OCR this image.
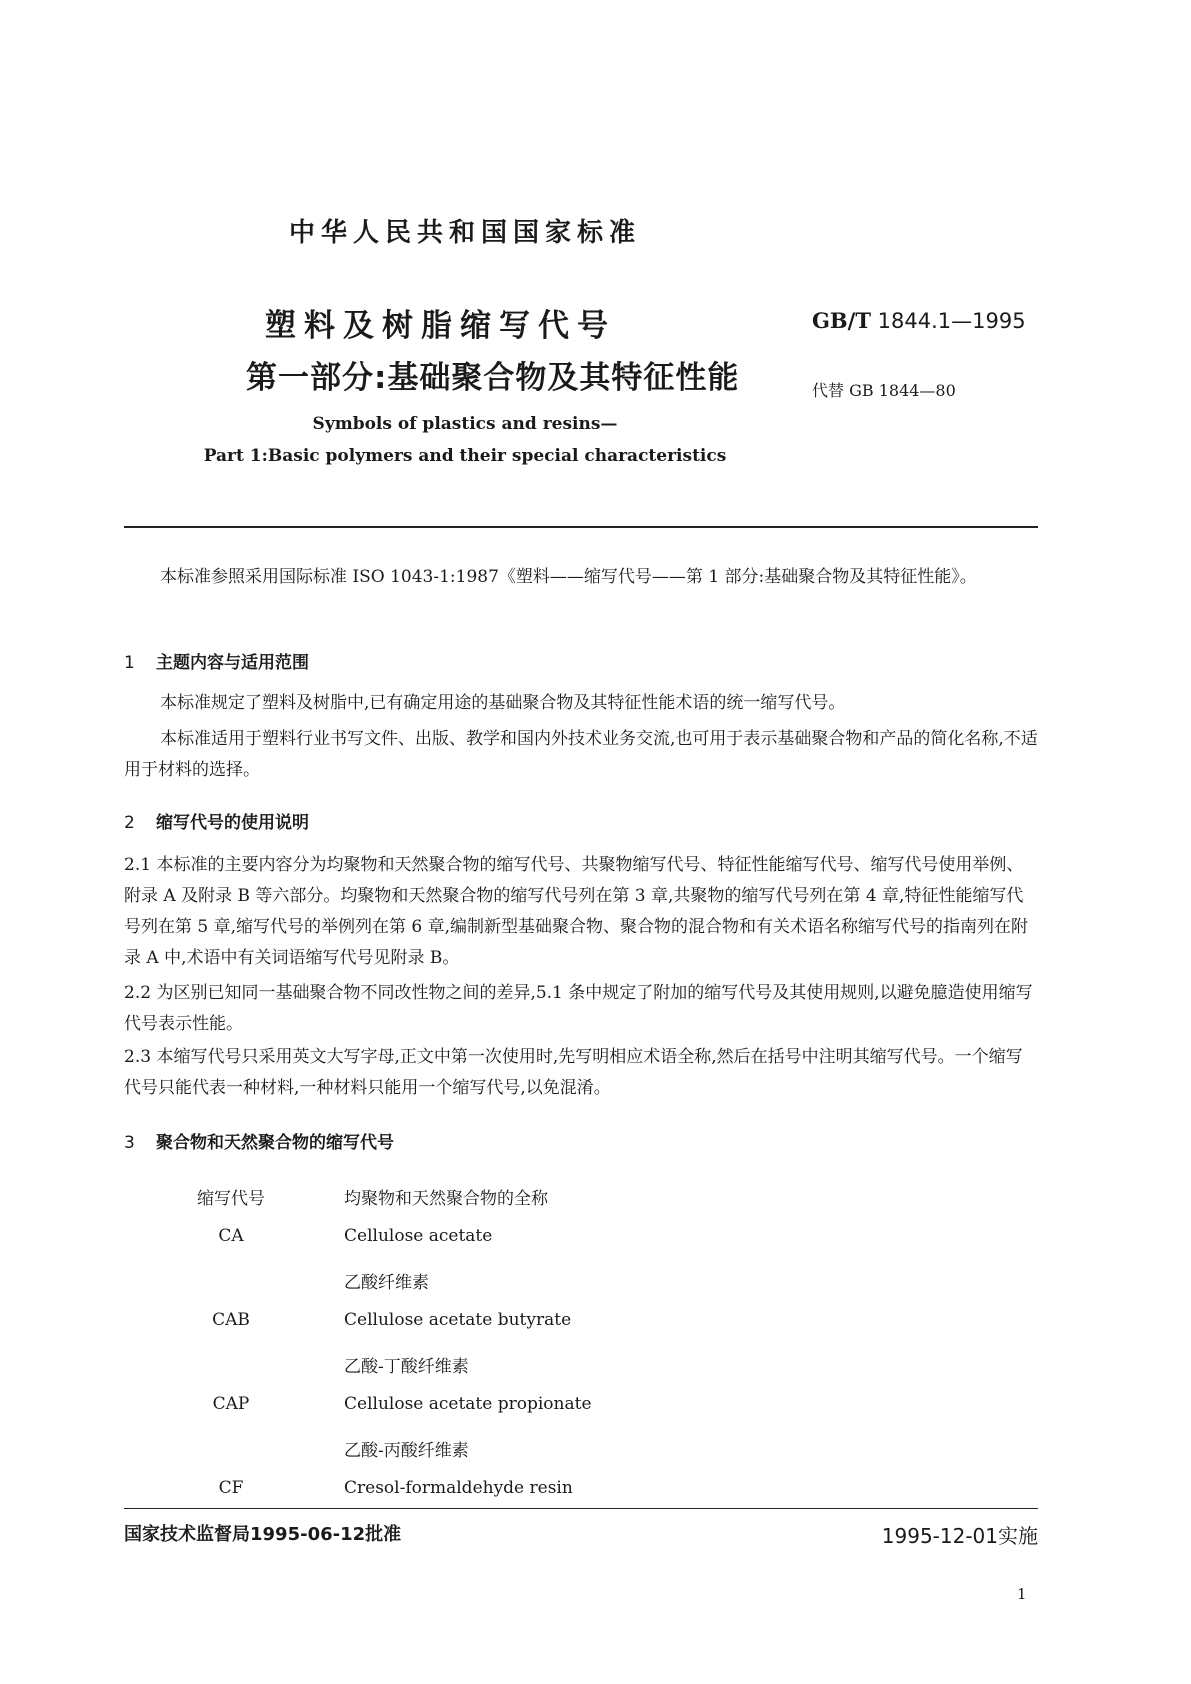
中华人民共和国国家标准
塑料及树脂缩写代号
第一部分:基础聚合物及其特征性能
GB/T 1844.1—1995
代替 GB 1844—80
Symbols of plastics and resins—
Part 1:Basic polymers and their special characteristics
本标准参照采用国际标准 ISO 1043-1:1987《塑料——缩写代号——第 1 部分:基础聚合物及其特征性能》。
1 主题内容与适用范围
本标准规定了塑料及树脂中,已有确定用途的基础聚合物及其特征性能术语的统一缩写代号。
本标准适用于塑料行业书写文件、出版、教学和国内外技术业务交流,也可用于表示基础聚合物和产品的简化名称,不适用于材料的选择。
2 缩写代号的使用说明
2.1 本标准的主要内容分为均聚物和天然聚合物的缩写代号、共聚物缩写代号、特征性能缩写代号、缩写代号使用举例、附录 A 及附录 B 等六部分。均聚物和天然聚合物的缩写代号列在第 3 章,共聚物的缩写代号列在第 4 章,特征性能缩写代号列在第 5 章,缩写代号的举例列在第 6 章,编制新型基础聚合物、聚合物的混合物和有关术语名称缩写代号的指南列在附录 A 中,术语中有关词语缩写代号见附录 B。
2.2 为区别已知同一基础聚合物不同改性物之间的差异,5.1 条中规定了附加的缩写代号及其使用规则,以避免臆造使用缩写代号表示性能。
2.3 本缩写代号只采用英文大写字母,正文中第一次使用时,先写明相应术语全称,然后在括号中注明其缩写代号。一个缩写代号只能代表一种材料,一种材料只能用一个缩写代号,以免混淆。
3 聚合物和天然聚合物的缩写代号
缩写代号	均聚物和天然聚合物的全称
CA	Cellulose acetate
乙酸纤维素
CAB	Cellulose acetate butyrate
乙酸-丁酸纤维素
CAP	Cellulose acetate propionate
乙酸-丙酸纤维素
CF	Cresol-formaldehyde resin
国家技术监督局1995-06-12批准	1995-12-01实施
1
